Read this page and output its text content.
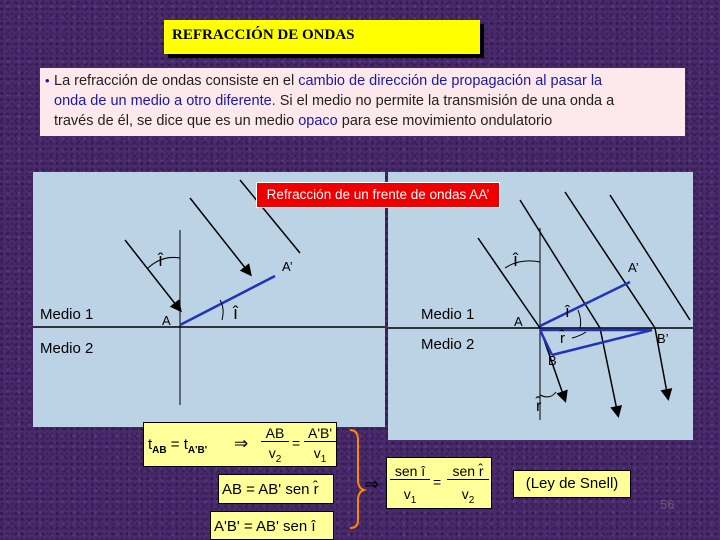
REFRACCIÓN DE ONDAS
• La refracción de ondas consiste en el cambio de dirección de propagación al pasar la
onda de un medio a otro diferente. Si el medio no permite la transmisión de una onda a
través de él, se dice que es un medio opaco para ese movimiento ondulatorio
Refracción de un frente de ondas AA’
î	A’
Medio 1
Medio 2
A	î
î	A’
Medio 1
Medio 2
A
î
r̂	B’
B
r̂
$t_{AB} = t_{A'B'}$ ⇒
AB
$v_2$
=
A'B'
$v_1$
AB = AB' sen r̂
A'B' = AB' sen î
⇒
sen î
$v_1$
=
sen r̂
$v_2$
(Ley de Snell)
56
